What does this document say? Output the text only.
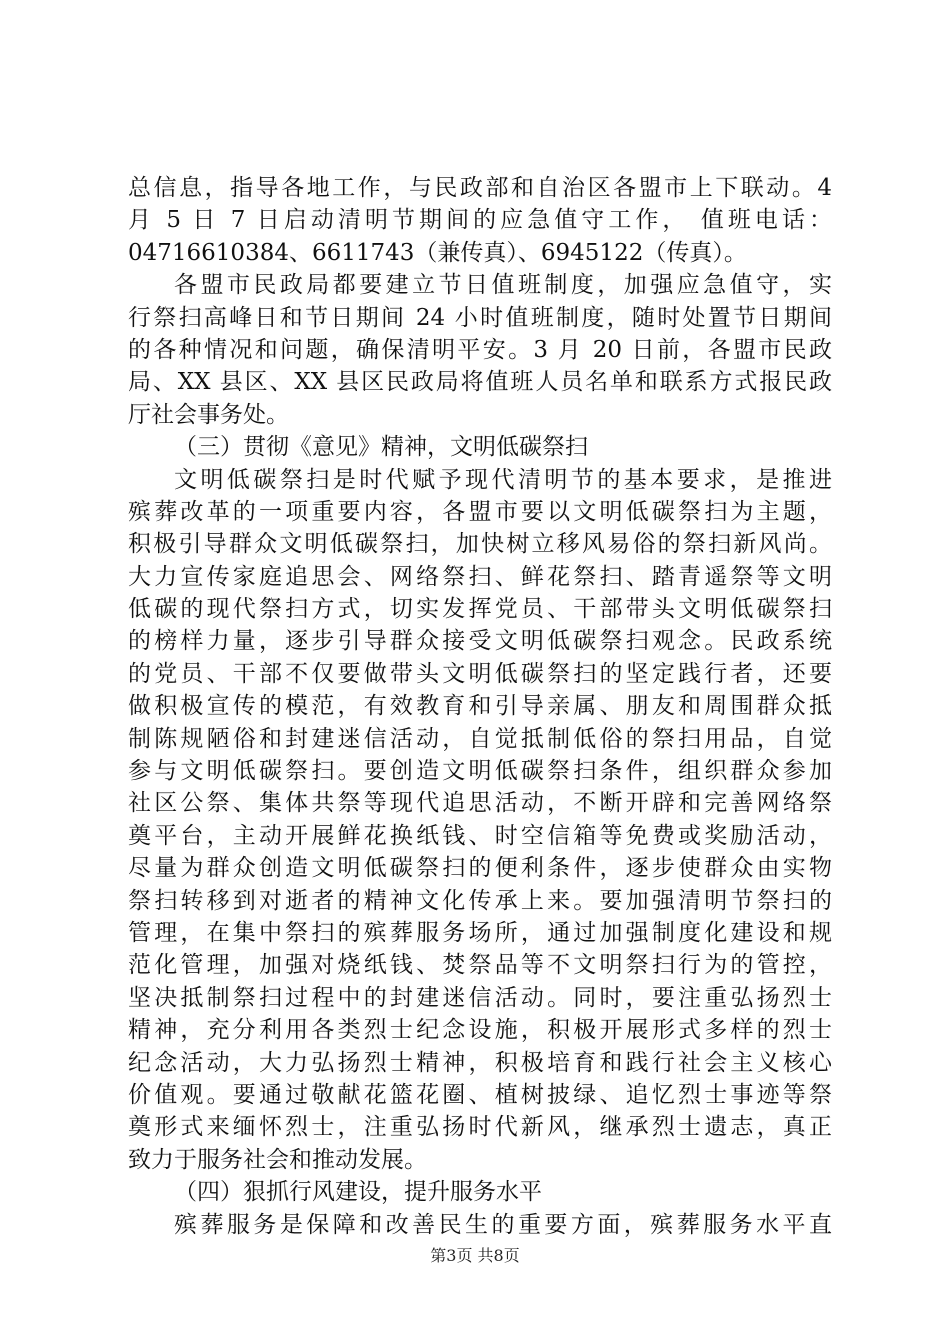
总信息，指导各地工作，与民政部和自治区各盟市上下联动。4
月 5 日 7 日启动清明节期间的应急值守工作， 值班电话：
04716610384、6611743（兼传真）、6945122（传真）。
各盟市民政局都要建立节日值班制度，加强应急值守，实
行祭扫高峰日和节日期间 24 小时值班制度，随时处置节日期间
的各种情况和问题，确保清明平安。3 月 20 日前，各盟市民政
局、XX 县区、XX 县区民政局将值班人员名单和联系方式报民政
厅社会事务处。
（三）贯彻《意见》精神，文明低碳祭扫
文明低碳祭扫是时代赋予现代清明节的基本要求，是推进
殡葬改革的一项重要内容，各盟市要以文明低碳祭扫为主题，
积极引导群众文明低碳祭扫，加快树立移风易俗的祭扫新风尚。
大力宣传家庭追思会、网络祭扫、鲜花祭扫、踏青遥祭等文明
低碳的现代祭扫方式，切实发挥党员、干部带头文明低碳祭扫
的榜样力量，逐步引导群众接受文明低碳祭扫观念。民政系统
的党员、干部不仅要做带头文明低碳祭扫的坚定践行者，还要
做积极宣传的模范，有效教育和引导亲属、朋友和周围群众抵
制陈规陋俗和封建迷信活动，自觉抵制低俗的祭扫用品，自觉
参与文明低碳祭扫。要创造文明低碳祭扫条件，组织群众参加
社区公祭、集体共祭等现代追思活动，不断开辟和完善网络祭
奠平台，主动开展鲜花换纸钱、时空信箱等免费或奖励活动，
尽量为群众创造文明低碳祭扫的便利条件，逐步使群众由实物
祭扫转移到对逝者的精神文化传承上来。要加强清明节祭扫的
管理，在集中祭扫的殡葬服务场所，通过加强制度化建设和规
范化管理，加强对烧纸钱、焚祭品等不文明祭扫行为的管控，
坚决抵制祭扫过程中的封建迷信活动。同时，要注重弘扬烈士
精神，充分利用各类烈士纪念设施，积极开展形式多样的烈士
纪念活动，大力弘扬烈士精神，积极培育和践行社会主义核心
价值观。要通过敬献花篮花圈、植树披绿、追忆烈士事迹等祭
奠形式来缅怀烈士，注重弘扬时代新风，继承烈士遗志，真正
致力于服务社会和推动发展。
（四）狠抓行风建设，提升服务水平
殡葬服务是保障和改善民生的重要方面，殡葬服务水平直
第3页 共8页
